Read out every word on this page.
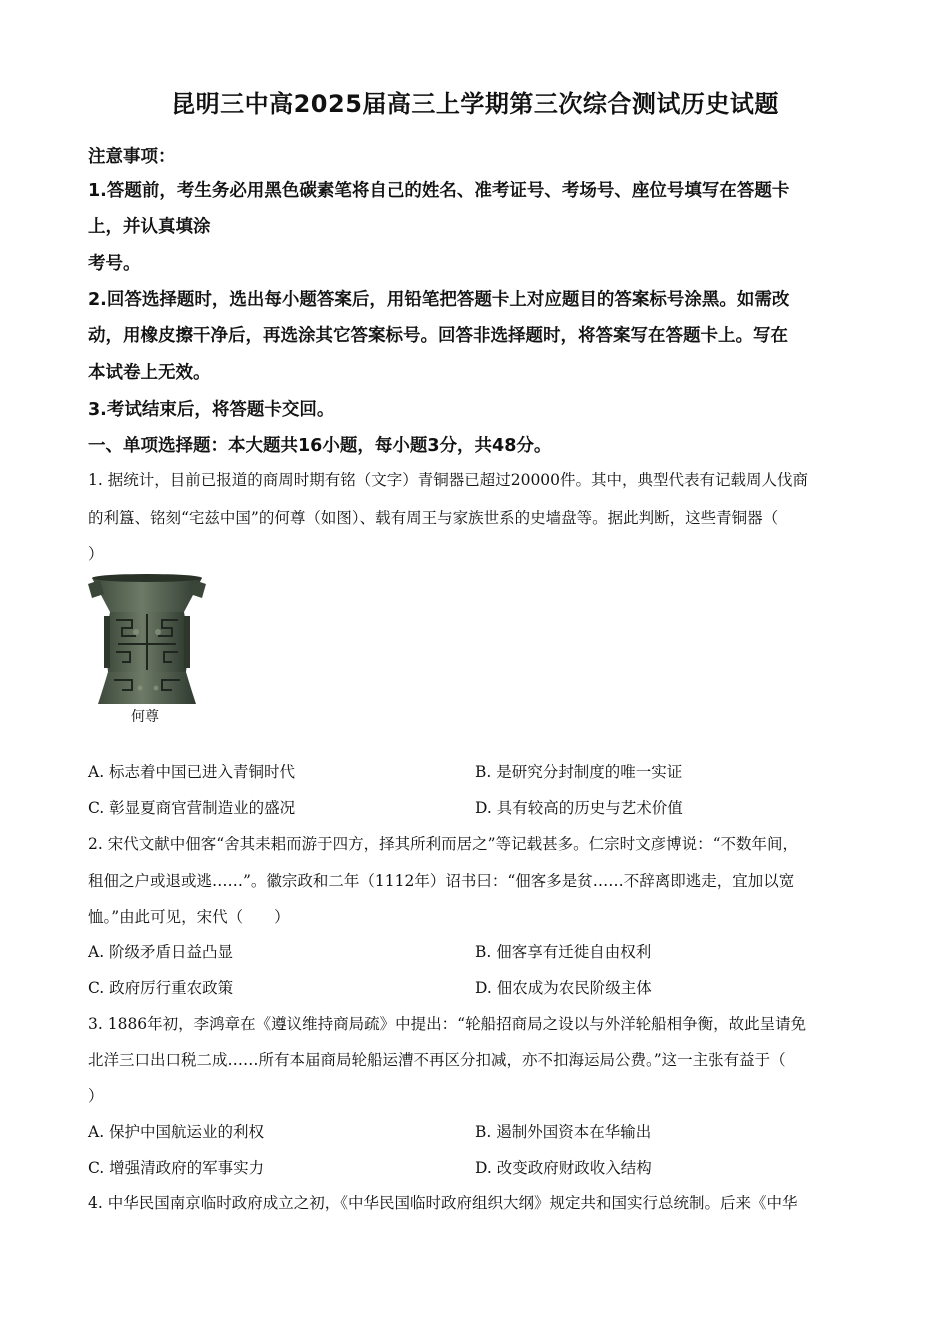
昆明三中高2025届高三上学期第三次综合测试历史试题
注意事项：
1.答题前，考生务必用黑色碳素笔将自己的姓名、准考证号、考场号、座位号填写在答题卡
上，并认真填涂
考号。
2.回答选择题时，选出每小题答案后，用铅笔把答题卡上对应题目的答案标号涂黑。如需改
动，用橡皮擦干净后，再选涂其它答案标号。回答非选择题时，将答案写在答题卡上。写在
本试卷上无效。
3.考试结束后，将答题卡交回。
一、单项选择题：本大题共16小题，每小题3分，共48分。
1. 据统计，目前已报道的商周时期有铭（文字）青铜器已超过20000件。其中，典型代表有记载周人伐商
的利簋、铭刻“宅兹中国”的何尊（如图）、载有周王与家族世系的史墙盘等。据此判断，这些青铜器（
）
何尊
A. 标志着中国已进入青铜时代	B. 是研究分封制度的唯一实证
C. 彰显夏商官营制造业的盛况	D. 具有较高的历史与艺术价值
2. 宋代文献中佃客“舍其耒耜而游于四方，择其所利而居之”等记载甚多。仁宗时文彦博说：“不数年间，
租佃之户或退或逃……”。徽宗政和二年（1112年）诏书曰：“佃客多是贫……不辞离即逃走，宜加以宽
恤。”由此可见，宋代（　　）
A. 阶级矛盾日益凸显	B. 佃客享有迁徙自由权利
C. 政府厉行重农政策	D. 佃农成为农民阶级主体
3. 1886年初，李鸿章在《遵议维持商局疏》中提出：“轮船招商局之设以与外洋轮船相争衡，故此呈请免
北洋三口出口税二成……所有本届商局轮船运漕不再区分扣减，亦不扣海运局公费。”这一主张有益于（
）
A. 保护中国航运业的利权	B. 遏制外国资本在华输出
C. 增强清政府的军事实力	D. 改变政府财政收入结构
4. 中华民国南京临时政府成立之初，《中华民国临时政府组织大纲》规定共和国实行总统制。后来《中华
